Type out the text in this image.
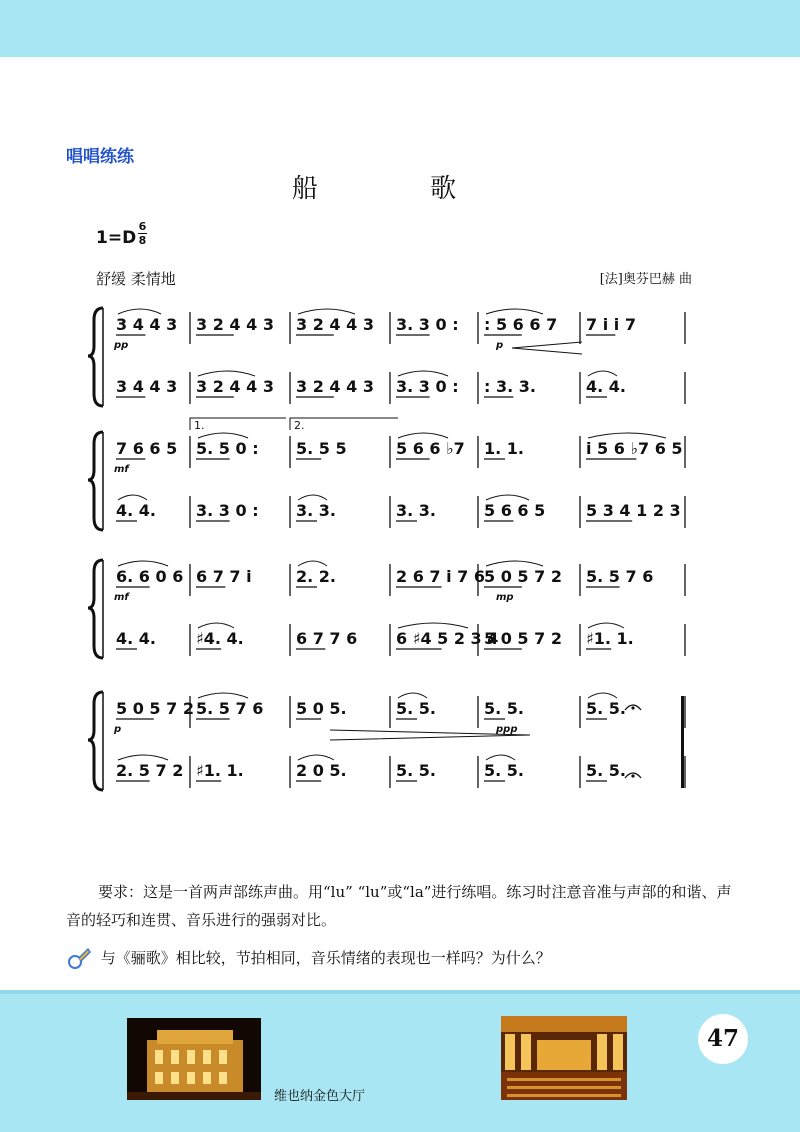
唱唱练练
船 歌
1=D
6
8
舒缓 柔情地	[法]奥芬巴赫 曲
3 4 4 3 3 2 4 4 3 3 2 4 4 3 3. 3 0 : : 5 6 6 7 7 i i 7
3 4 4 3 3 2 4 4 3 3 2 4 4 3 3. 3 0 : : 3. 3.	4. 4.
pp	p
7 6 6 5 5. 5 0 : 5. 5 5	5 6 6 ♭7 1. 1.	i 5 6 ♭7 6 5
4. 4.	3. 3 0 : 3. 3.	3. 3.	5 6 6 5	5 3 4 1 2 3
mf
1.	2.
6. 6 0 6 6 7 7 i	2. 2.	2 6 7 i 7 6 5 0 5 7 2 5. 5 7 6
4. 4.	♯4. 4.	6 7 7 6 6 ♯4 5 2 3 4
5 0 5 7 2 ♯1. 1.
mf	mp
5 0 5 7 2 5. 5 7 6 5 0 5.	5. 5.	5. 5.	5. 5.
2. 5 7 2 ♯1. 1.	2 0 5.	5. 5.	5. 5.	5. 5.
p	ppp
要求：这是一首两声部练声曲。用“lu” “lu”或“la”进行练唱。练习时注意音准与声部的和谐、声音的轻巧和连贯、音乐进行的强弱对比。
与《骊歌》相比较，节拍相同，音乐情绪的表现也一样吗？为什么？
维也纳金色大厅
47
